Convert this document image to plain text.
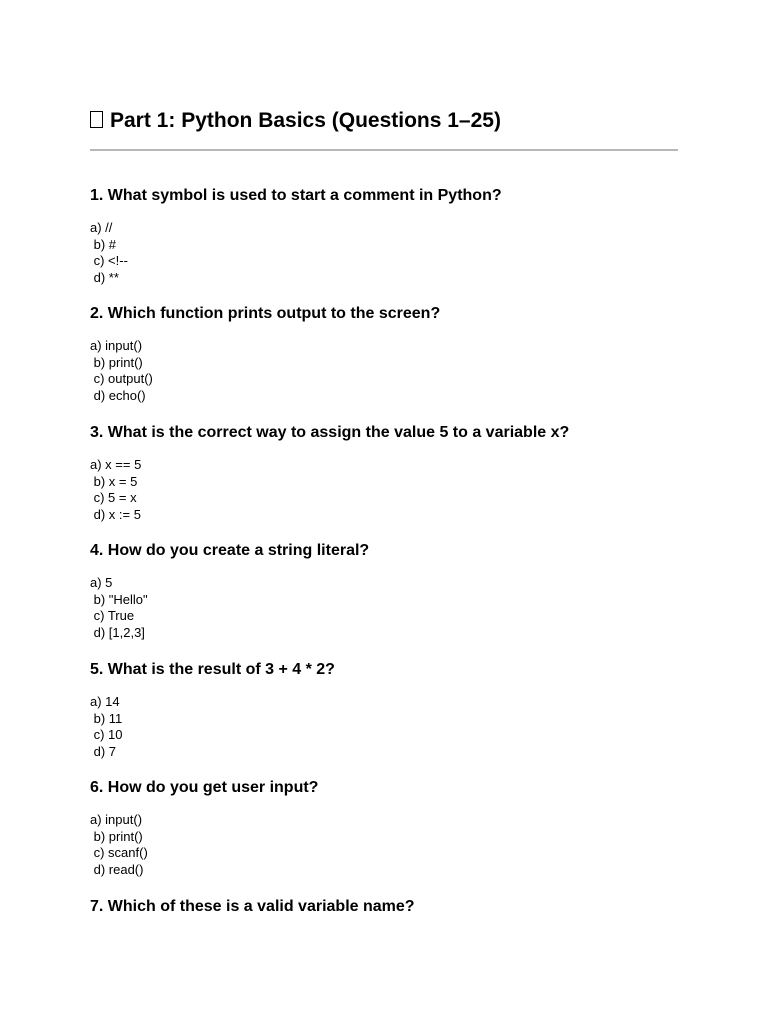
Part 1: Python Basics (Questions 1–25)

1. What symbol is used to start a comment in Python?

a) //
b) #
c) <!--
d) **

2. Which function prints output to the screen?

a) input()
b) print()
c) output()
d) echo()

3. What is the correct way to assign the value 5 to a variable x?

a) x == 5
b) x = 5
c) 5 = x
d) x := 5

4. How do you create a string literal?

a) 5
b) "Hello"
c) True
d) [1,2,3]

5. What is the result of 3 + 4 * 2?

a) 14
b) 11
c) 10
d) 7

6. How do you get user input?

a) input()
b) print()
c) scanf()
d) read()

7. Which of these is a valid variable name?
